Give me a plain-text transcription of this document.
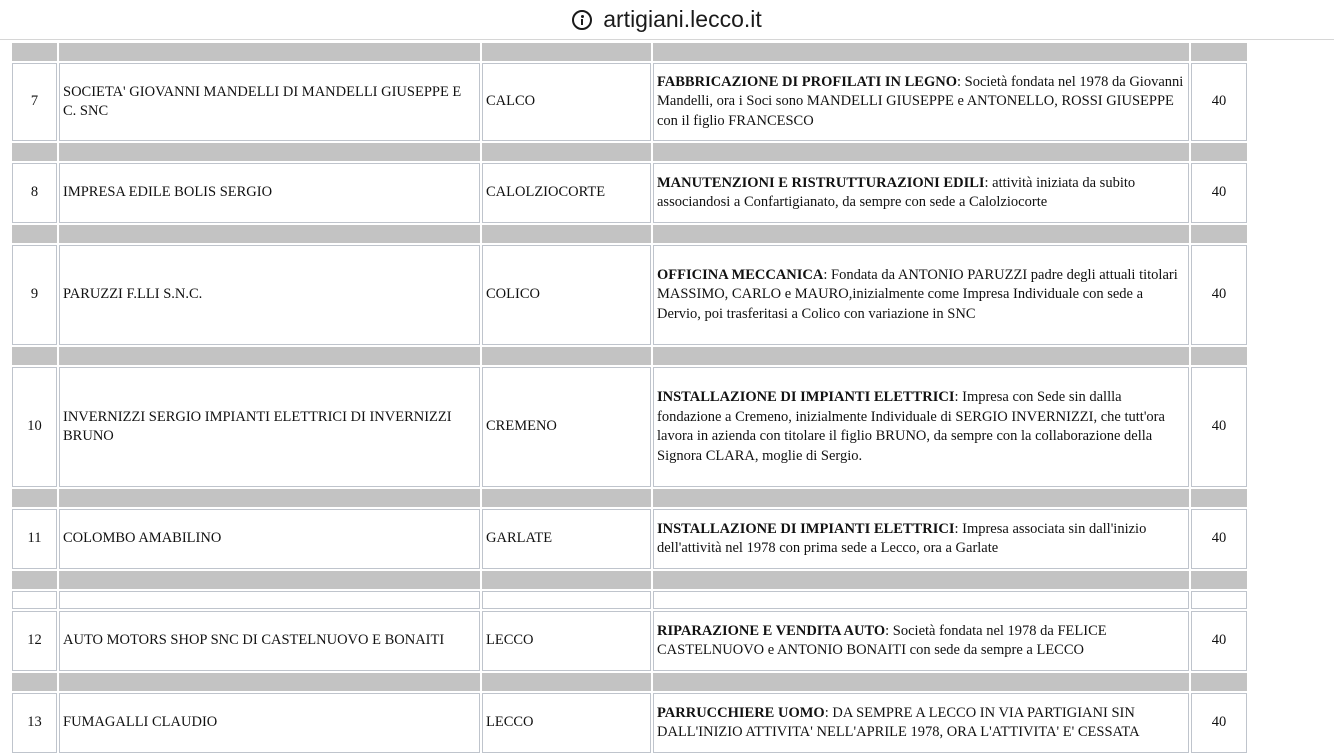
artigiani.lecco.it

7	SOCIETA' GIOVANNI MANDELLI DI MANDELLI GIUSEPPE E C. SNC	CALCO	FABBRICAZIONE DI PROFILATI IN LEGNO: Società fondata nel 1978 da Giovanni Mandelli, ora i Soci sono MANDELLI GIUSEPPE e ANTONELLO, ROSSI GIUSEPPE con il figlio FRANCESCO	40

8	IMPRESA EDILE BOLIS SERGIO	CALOLZIOCORTE	MANUTENZIONI E RISTRUTTURAZIONI EDILI: attività iniziata da subito associandosi a Confartigianato, da sempre con sede a Calolziocorte	40

9	PARUZZI F.LLI S.N.C.	COLICO	OFFICINA MECCANICA: Fondata da ANTONIO PARUZZI padre degli attuali titolari MASSIMO, CARLO e MAURO,inizialmente come Impresa Individuale con sede a Dervio, poi trasferitasi a Colico con variazione in SNC	40

10	INVERNIZZI SERGIO IMPIANTI ELETTRICI DI INVERNIZZI BRUNO	CREMENO	INSTALLAZIONE DI IMPIANTI ELETTRICI: Impresa con Sede sin dallla fondazione a Cremeno, inizialmente Individuale di SERGIO INVERNIZZI, che tutt'ora lavora in azienda con titolare il figlio BRUNO, da sempre con la collaborazione della Signora CLARA, moglie di Sergio.	40

11	COLOMBO AMABILINO	GARLATE	INSTALLAZIONE DI IMPIANTI ELETTRICI: Impresa associata sin dall'inizio dell'attività nel 1978 con prima sede a Lecco, ora a Garlate	40

12	AUTO MOTORS SHOP SNC DI CASTELNUOVO E BONAITI	LECCO	RIPARAZIONE E VENDITA AUTO: Società fondata nel 1978 da FELICE CASTELNUOVO e ANTONIO BONAITI con sede da sempre a LECCO	40

13	FUMAGALLI CLAUDIO	LECCO	PARRUCCHIERE UOMO: DA SEMPRE A LECCO IN VIA PARTIGIANI SIN DALL'INIZIO ATTIVITA' NELL'APRILE 1978, ORA L'ATTIVITA' E' CESSATA	40
